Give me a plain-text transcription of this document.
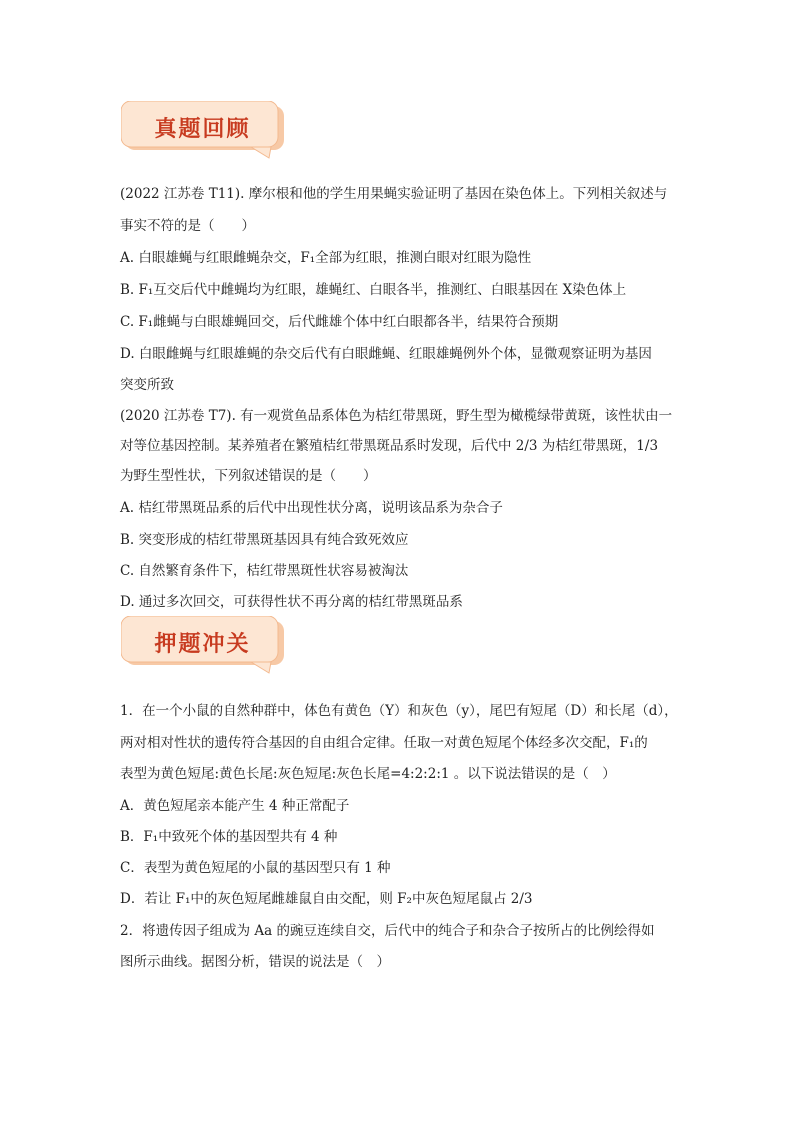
真题回顾
(2022 江苏卷 T11). 摩尔根和他的学生用果蝇实验证明了基因在染色体上。下列相关叙述与
事实不符的是（　　）
A. 白眼雄蝇与红眼雌蝇杂交，F₁全部为红眼，推测白眼对红眼为隐性
B. F₁互交后代中雌蝇均为红眼，雄蝇红、白眼各半，推测红、白眼基因在 X染色体上
C. F₁雌蝇与白眼雄蝇回交，后代雌雄个体中红白眼都各半，结果符合预期
D. 白眼雌蝇与红眼雄蝇的杂交后代有白眼雌蝇、红眼雄蝇例外个体，显微观察证明为基因
突变所致
(2020 江苏卷 T7). 有一观赏鱼品系体色为桔红带黑斑，野生型为橄榄绿带黄斑，该性状由一
对等位基因控制。某养殖者在繁殖桔红带黑斑品系时发现，后代中 2/3 为桔红带黑斑，1/3
为野生型性状，下列叙述错误的是（　　）
A. 桔红带黑斑品系的后代中出现性状分离，说明该品系为杂合子
B. 突变形成的桔红带黑斑基因具有纯合致死效应
C. 自然繁育条件下，桔红带黑斑性状容易被淘汰
D. 通过多次回交，可获得性状不再分离的桔红带黑斑品系
押题冲关
1．在一个小鼠的自然种群中，体色有黄色（Y）和灰色（y），尾巴有短尾（D）和长尾（d），
两对相对性状的遗传符合基因的自由组合定律。任取一对黄色短尾个体经多次交配，F₁的
表型为黄色短尾:黄色长尾:灰色短尾:灰色长尾=4:2:2:1 。以下说法错误的是（　）
A．黄色短尾亲本能产生 4 种正常配子
B．F₁中致死个体的基因型共有 4 种
C．表型为黄色短尾的小鼠的基因型只有 1 种
D．若让 F₁中的灰色短尾雌雄鼠自由交配，则 F₂中灰色短尾鼠占 2/3
2．将遗传因子组成为 Aa 的豌豆连续自交，后代中的纯合子和杂合子按所占的比例绘得如
图所示曲线。据图分析，错误的说法是（　）
